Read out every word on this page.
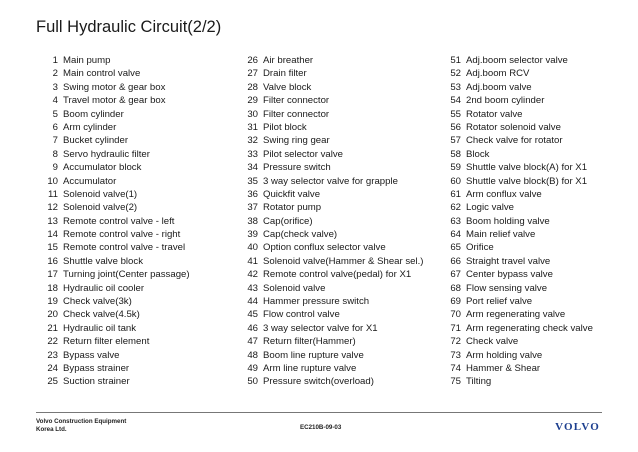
Full Hydraulic Circuit(2/2)
1 Main pump
2 Main control valve
3 Swing motor & gear box
4 Travel motor & gear box
5 Boom cylinder
6 Arm cylinder
7 Bucket cylinder
8 Servo hydraulic filter
9 Accumulator block
10 Accumulator
11 Solenoid valve(1)
12 Solenoid valve(2)
13 Remote control valve - left
14 Remote control valve - right
15 Remote control valve - travel
16 Shuttle valve block
17 Turning joint(Center passage)
18 Hydraulic oil cooler
19 Check valve(3k)
20 Check valve(4.5k)
21 Hydraulic oil tank
22 Return filter element
23 Bypass valve
24 Bypass strainer
25 Suction strainer
26 Air breather
27 Drain filter
28 Valve block
29 Filter connector
30 Filter connector
31 Pilot block
32 Swing ring gear
33 Pilot selector valve
34 Pressure switch
35 3 way selector valve for grapple
36 Quickfit valve
37 Rotator pump
38 Cap(orifice)
39 Cap(check valve)
40 Option conflux selector valve
41 Solenoid valve(Hammer & Shear sel.)
42 Remote control valve(pedal) for X1
43 Solenoid valve
44 Hammer pressure switch
45 Flow control valve
46 3 way selector valve for X1
47 Return filter(Hammer)
48 Boom line rupture valve
49 Arm line rupture valve
50 Pressure switch(overload)
51 Adj.boom selector valve
52 Adj.boom RCV
53 Adj.boom valve
54 2nd boom cylinder
55 Rotator valve
56 Rotator solenoid valve
57 Check valve for rotator
58 Block
59 Shuttle valve block(A) for X1
60 Shuttle valve block(B) for X1
61 Arm conflux valve
62 Logic valve
63 Boom holding valve
64 Main relief valve
65 Orifice
66 Straight travel valve
67 Center bypass valve
68 Flow sensing valve
69 Port relief valve
70 Arm regenerating valve
71 Arm regenerating check valve
72 Check valve
73 Arm holding valve
74 Hammer & Shear
75 Tilting
Volvo Construction Equipment
Korea Ltd.	EC210B-09-03	VOLVO
